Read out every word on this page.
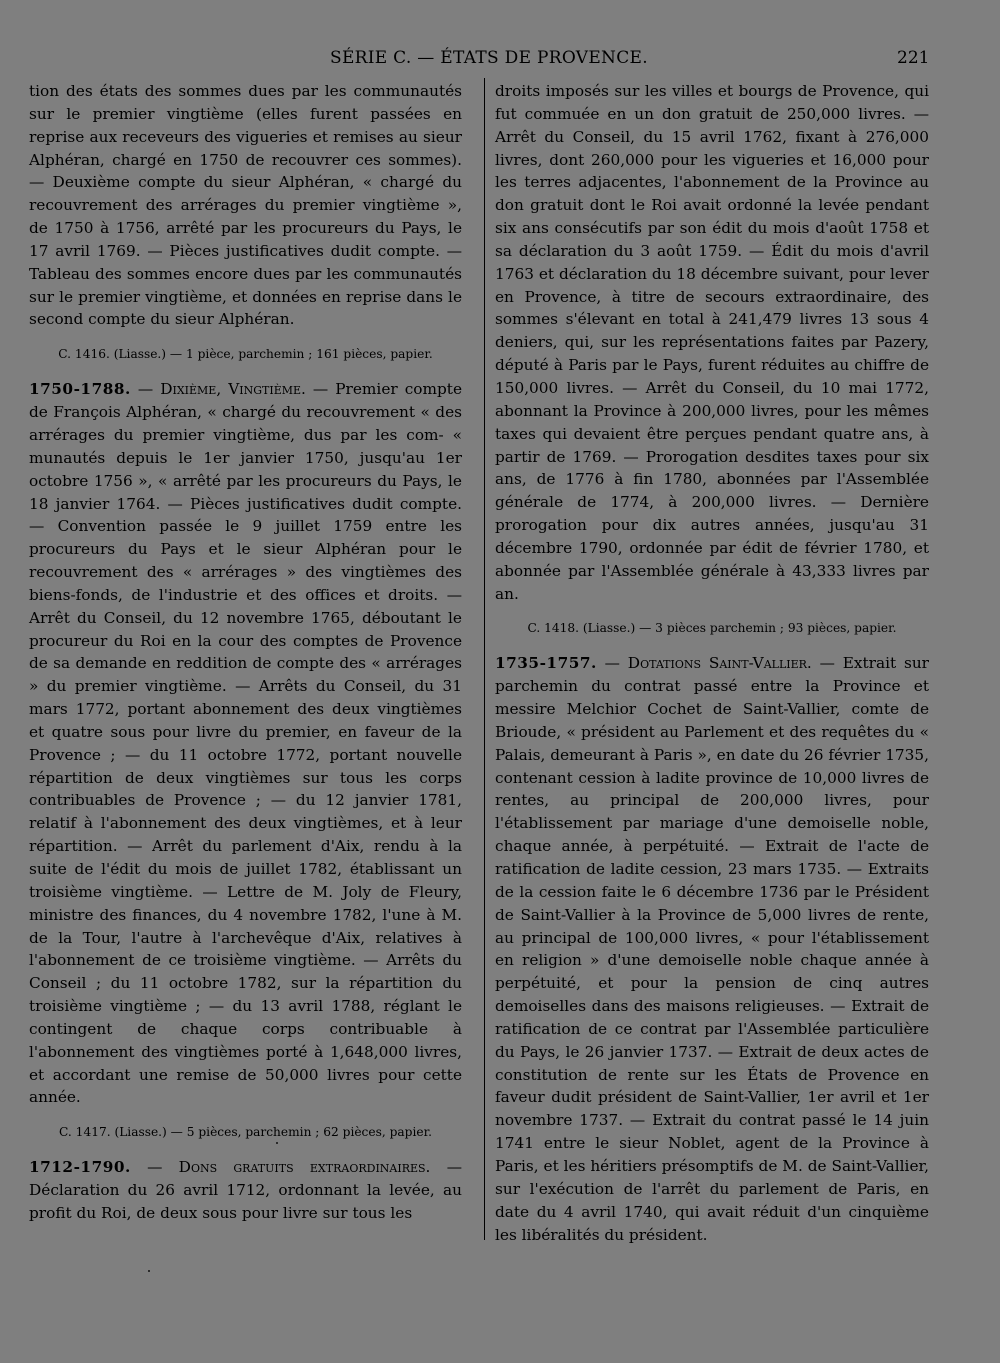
SÉRIE C. — ÉTATS DE PROVENCE.	221

tion des états des sommes dues par les communautés sur le premier vingtième (elles furent passées en reprise aux receveurs des vigueries et remises au sieur Alphéran, chargé en 1750 de recouvrer ces sommes). — Deuxième compte du sieur Alphéran, « chargé du recouvrement des arrérages du premier vingtième », de 1750 à 1756, arrêté par les procureurs du Pays, le 17 avril 1769. — Pièces justificatives dudit compte. — Tableau des sommes encore dues par les communautés sur le premier vingtième, et données en reprise dans le second compte du sieur Alphéran.

C. 1416. (Liasse.) — 1 pièce, parchemin ; 161 pièces, papier.

1750-1788. — Dixième, Vingtième. — Premier compte de François Alphéran, « chargé du recouvrement « des arrérages du premier vingtième, dus par les com- « munautés depuis le 1er janvier 1750, jusqu'au 1er octobre 1756 », « arrêté par les procureurs du Pays, le 18 janvier 1764. — Pièces justificatives dudit compte. — Convention passée le 9 juillet 1759 entre les procureurs du Pays et le sieur Alphéran pour le recouvrement des « arrérages » des vingtièmes des biens-fonds, de l'industrie et des offices et droits. — Arrêt du Conseil, du 12 novembre 1765, déboutant le procureur du Roi en la cour des comptes de Provence de sa demande en reddition de compte des « arrérages » du premier vingtième. — Arrêts du Conseil, du 31 mars 1772, portant abonnement des deux vingtièmes et quatre sous pour livre du premier, en faveur de la Provence ; — du 11 octobre 1772, portant nouvelle répartition de deux vingtièmes sur tous les corps contribuables de Provence ; — du 12 janvier 1781, relatif à l'abonnement des deux vingtièmes, et à leur répartition. — Arrêt du parlement d'Aix, rendu à la suite de l'édit du mois de juillet 1782, établissant un troisième vingtième. — Lettre de M. Joly de Fleury, ministre des finances, du 4 novembre 1782, l'une à M. de la Tour, l'autre à l'archevêque d'Aix, relatives à l'abonnement de ce troisième vingtième. — Arrêts du Conseil ; du 11 octobre 1782, sur la répartition du troisième vingtième ; — du 13 avril 1788, réglant le contingent de chaque corps contribuable à l'abonnement des vingtièmes porté à 1,648,000 livres, et accordant une remise de 50,000 livres pour cette année.

C. 1417. (Liasse.) — 5 pièces, parchemin ; 62 pièces, papier.

1712-1790. — Dons gratuits extraordinaires. — Déclaration du 26 avril 1712, ordonnant la levée, au profit du Roi, de deux sous pour livre sur tous les

droits imposés sur les villes et bourgs de Provence, qui fut commuée en un don gratuit de 250,000 livres. — Arrêt du Conseil, du 15 avril 1762, fixant à 276,000 livres, dont 260,000 pour les vigueries et 16,000 pour les terres adjacentes, l'abonnement de la Province au don gratuit dont le Roi avait ordonné la levée pendant six ans consécutifs par son édit du mois d'août 1758 et sa déclaration du 3 août 1759. — Édit du mois d'avril 1763 et déclaration du 18 décembre suivant, pour lever en Provence, à titre de secours extraordinaire, des sommes s'élevant en total à 241,479 livres 13 sous 4 deniers, qui, sur les représentations faites par Pazery, député à Paris par le Pays, furent réduites au chiffre de 150,000 livres. — Arrêt du Conseil, du 10 mai 1772, abonnant la Province à 200,000 livres, pour les mêmes taxes qui devaient être perçues pendant quatre ans, à partir de 1769. — Prorogation desdites taxes pour six ans, de 1776 à fin 1780, abonnées par l'Assemblée générale de 1774, à 200,000 livres. — Dernière prorogation pour dix autres années, jusqu'au 31 décembre 1790, ordonnée par édit de février 1780, et abonnée par l'Assemblée générale à 43,333 livres par an.

C. 1418. (Liasse.) — 3 pièces parchemin ; 93 pièces, papier.

1735-1757. — Dotations Saint-Vallier. — Extrait sur parchemin du contrat passé entre la Province et messire Melchior Cochet de Saint-Vallier, comte de Brioude, « président au Parlement et des requêtes du « Palais, demeurant à Paris », en date du 26 février 1735, contenant cession à ladite province de 10,000 livres de rentes, au principal de 200,000 livres, pour l'établissement par mariage d'une demoiselle noble, chaque année, à perpétuité. — Extrait de l'acte de ratification de ladite cession, 23 mars 1735. — Extraits de la cession faite le 6 décembre 1736 par le Président de Saint-Vallier à la Province de 5,000 livres de rente, au principal de 100,000 livres, « pour l'établissement en religion » d'une demoiselle noble chaque année à perpétuité, et pour la pension de cinq autres demoiselles dans des maisons religieuses. — Extrait de ratification de ce contrat par l'Assemblée particulière du Pays, le 26 janvier 1737. — Extrait de deux actes de constitution de rente sur les États de Provence en faveur dudit président de Saint-Vallier, 1er avril et 1er novembre 1737. — Extrait du contrat passé le 14 juin 1741 entre le sieur Noblet, agent de la Province à Paris, et les héritiers présomptifs de M. de Saint-Vallier, sur l'exécution de l'arrêt du parlement de Paris, en date du 4 avril 1740, qui avait réduit d'un cinquième les libéralités du président.
